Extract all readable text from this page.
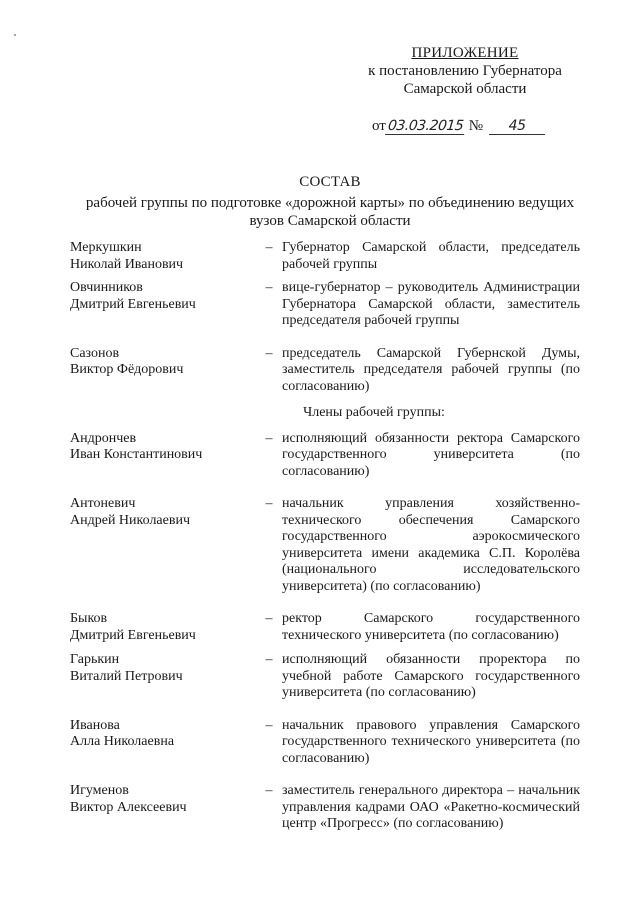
ПРИЛОЖЕНИЕ
к постановлению Губернатора
Самарской области
от03.03.2015 № 45
СОСТАВ
рабочей группы по подготовке «дорожной карты» по объединению ведущих
вузов Самарской области
Меркушкин
Николай Иванович
– Губернатор Самарской области, председатель рабочей группы
Овчинников
Дмитрий Евгеньевич
– вице-губернатор – руководитель Администрации Губернатора Самарской области, заместитель председателя рабочей группы
Сазонов
Виктор Фёдорович
– председатель Самарской Губернской Думы, заместитель председателя рабочей группы (по согласованию)
Члены рабочей группы:
Андрончев
Иван Константинович
– исполняющий обязанности ректора Самарского государственного университета (по согласованию)
Антоневич
Андрей Николаевич
– начальник управления хозяйственно-технического обеспечения Самарского государственного аэрокосмического университета имени академика С.П. Королёва (национального исследовательского университета) (по согласованию)
Быков
Дмитрий Евгеньевич
– ректор Самарского государственного технического университета (по согласованию)
Гарькин
Виталий Петрович
– исполняющий обязанности проректора по учебной работе Самарского государственного университета (по согласованию)
Иванова
Алла Николаевна
– начальник правового управления Самарского государственного технического университета (по согласованию)
Игуменов
Виктор Алексеевич
– заместитель генерального директора – начальник управления кадрами ОАО «Ракетно-космический центр «Прогресс» (по согласованию)
